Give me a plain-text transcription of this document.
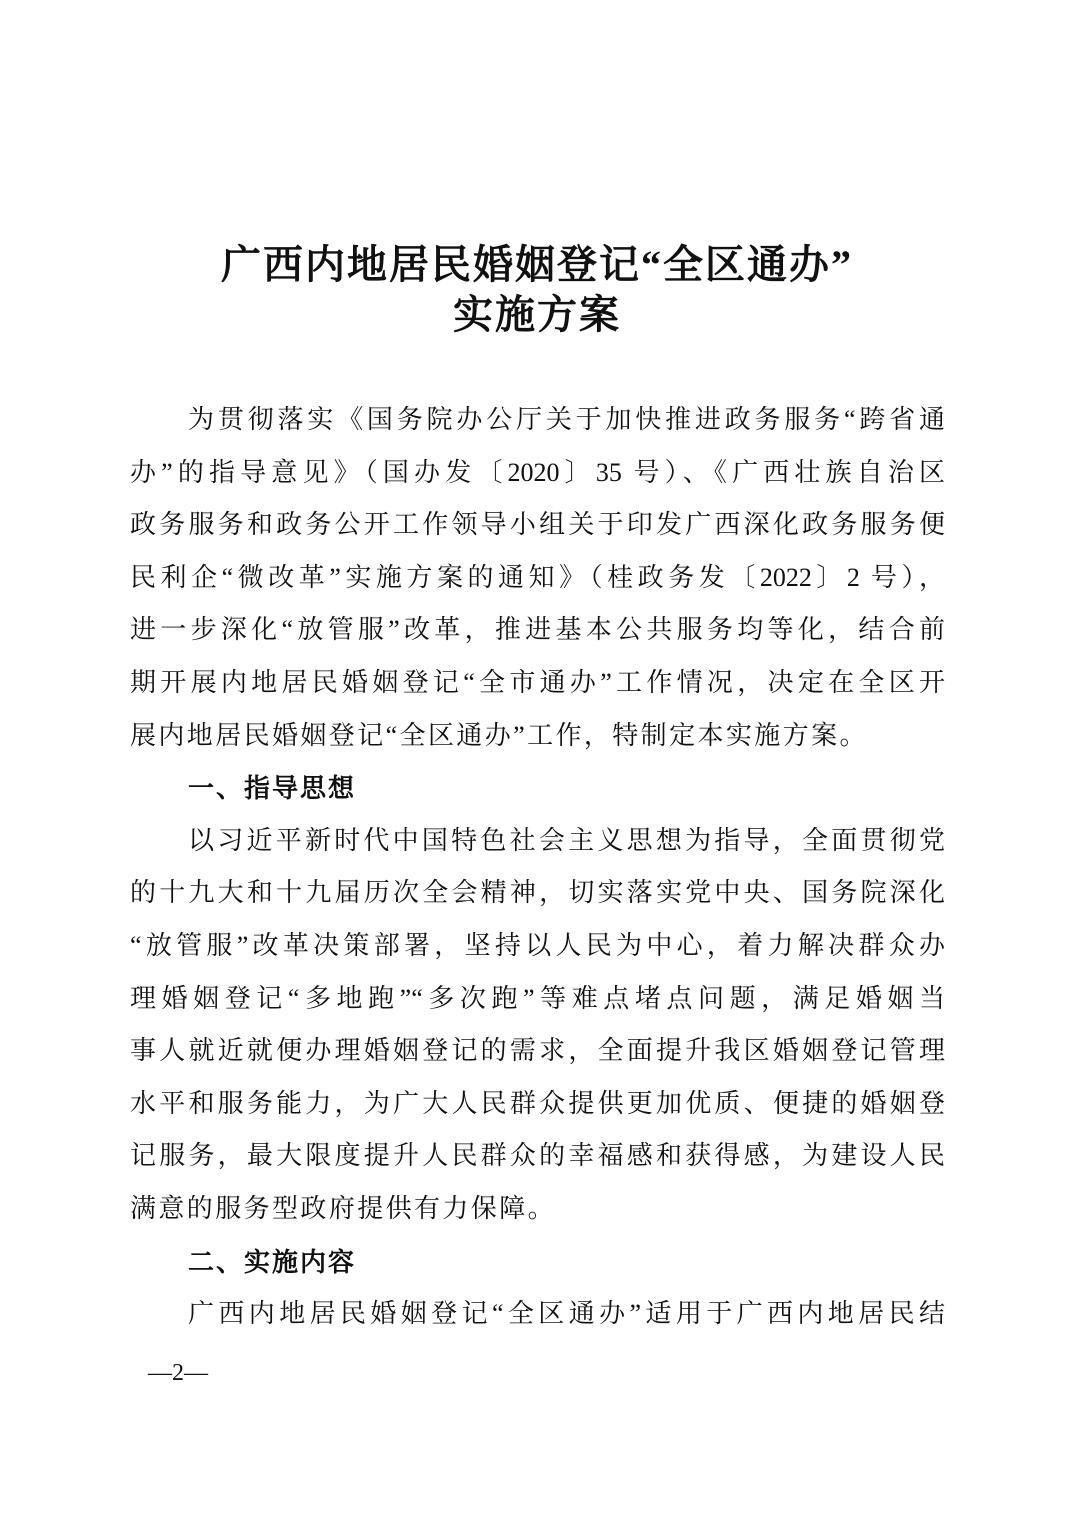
广西内地居民婚姻登记“全区通办”
实施方案
为贯彻落实《国务院办公厅关于加快推进政务服务“跨省通
办”的指导意见》（国办发〔2020〕35 号）、《广西壮族自治区
政务服务和政务公开工作领导小组关于印发广西深化政务服务便
民利企“微改革”实施方案的通知》（桂政务发〔2022〕2 号），
进一步深化“放管服”改革，推进基本公共服务均等化，结合前
期开展内地居民婚姻登记“全市通办”工作情况，决定在全区开
展内地居民婚姻登记“全区通办”工作，特制定本实施方案。
一、指导思想
以习近平新时代中国特色社会主义思想为指导，全面贯彻党
的十九大和十九届历次全会精神，切实落实党中央、国务院深化
“放管服”改革决策部署，坚持以人民为中心，着力解决群众办
理婚姻登记“多地跑”“多次跑”等难点堵点问题，满足婚姻当
事人就近就便办理婚姻登记的需求，全面提升我区婚姻登记管理
水平和服务能力，为广大人民群众提供更加优质、便捷的婚姻登
记服务，最大限度提升人民群众的幸福感和获得感，为建设人民
满意的服务型政府提供有力保障。
二、实施内容
广西内地居民婚姻登记“全区通办”适用于广西内地居民结
—2—
